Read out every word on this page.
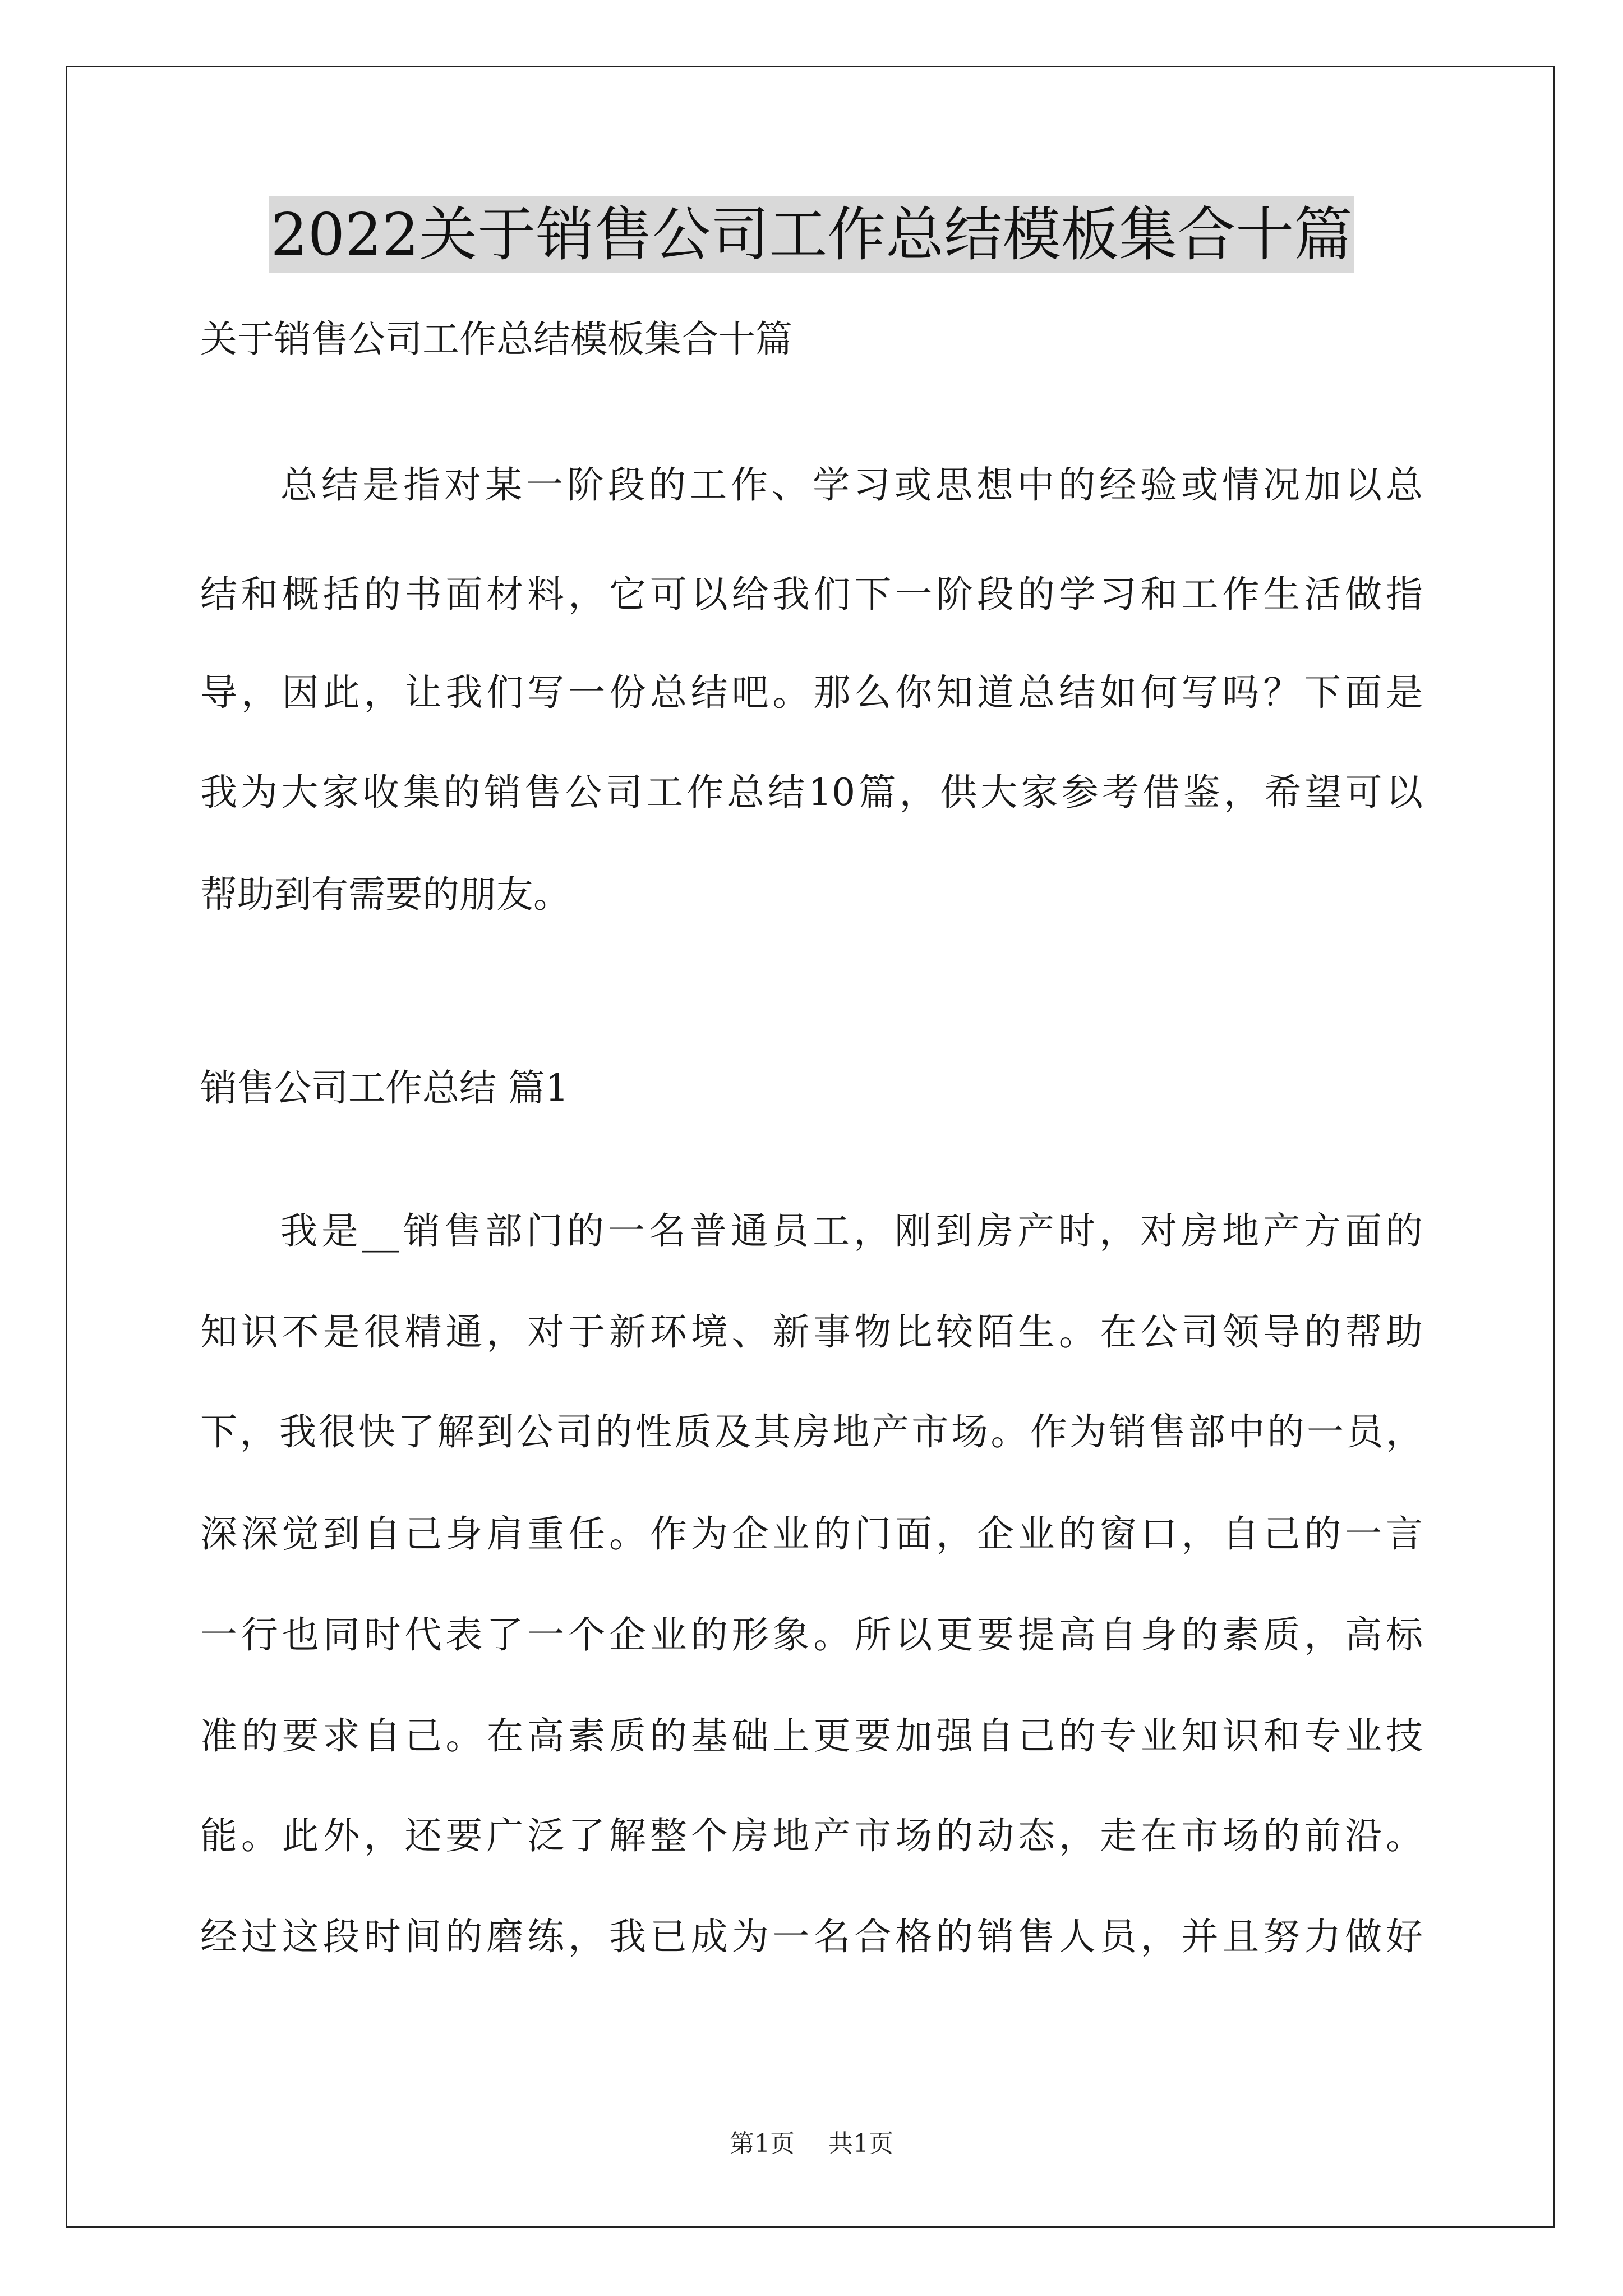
2022关于销售公司工作总结模板集合十篇
关于销售公司工作总结模板集合十篇
总结是指对某一阶段的工作、学习或思想中的经验或情况加以总
结和概括的书面材料，它可以给我们下一阶段的学习和工作生活做指
导，因此，让我们写一份总结吧。那么你知道总结如何写吗？下面是
我为大家收集的销售公司工作总结10篇，供大家参考借鉴，希望可以
帮助到有需要的朋友。
销售公司工作总结 篇1
我是__销售部门的一名普通员工，刚到房产时，对房地产方面的
知识不是很精通，对于新环境、新事物比较陌生。在公司领导的帮助
下，我很快了解到公司的性质及其房地产市场。作为销售部中的一员，
深深觉到自己身肩重任。作为企业的门面，企业的窗口，自己的一言
一行也同时代表了一个企业的形象。所以更要提高自身的素质，高标
准的要求自己。在高素质的基础上更要加强自己的专业知识和专业技
能。此外，还要广泛了解整个房地产市场的动态，走在市场的前沿。
经过这段时间的磨练，我已成为一名合格的销售人员，并且努力做好
第1页 共1页
